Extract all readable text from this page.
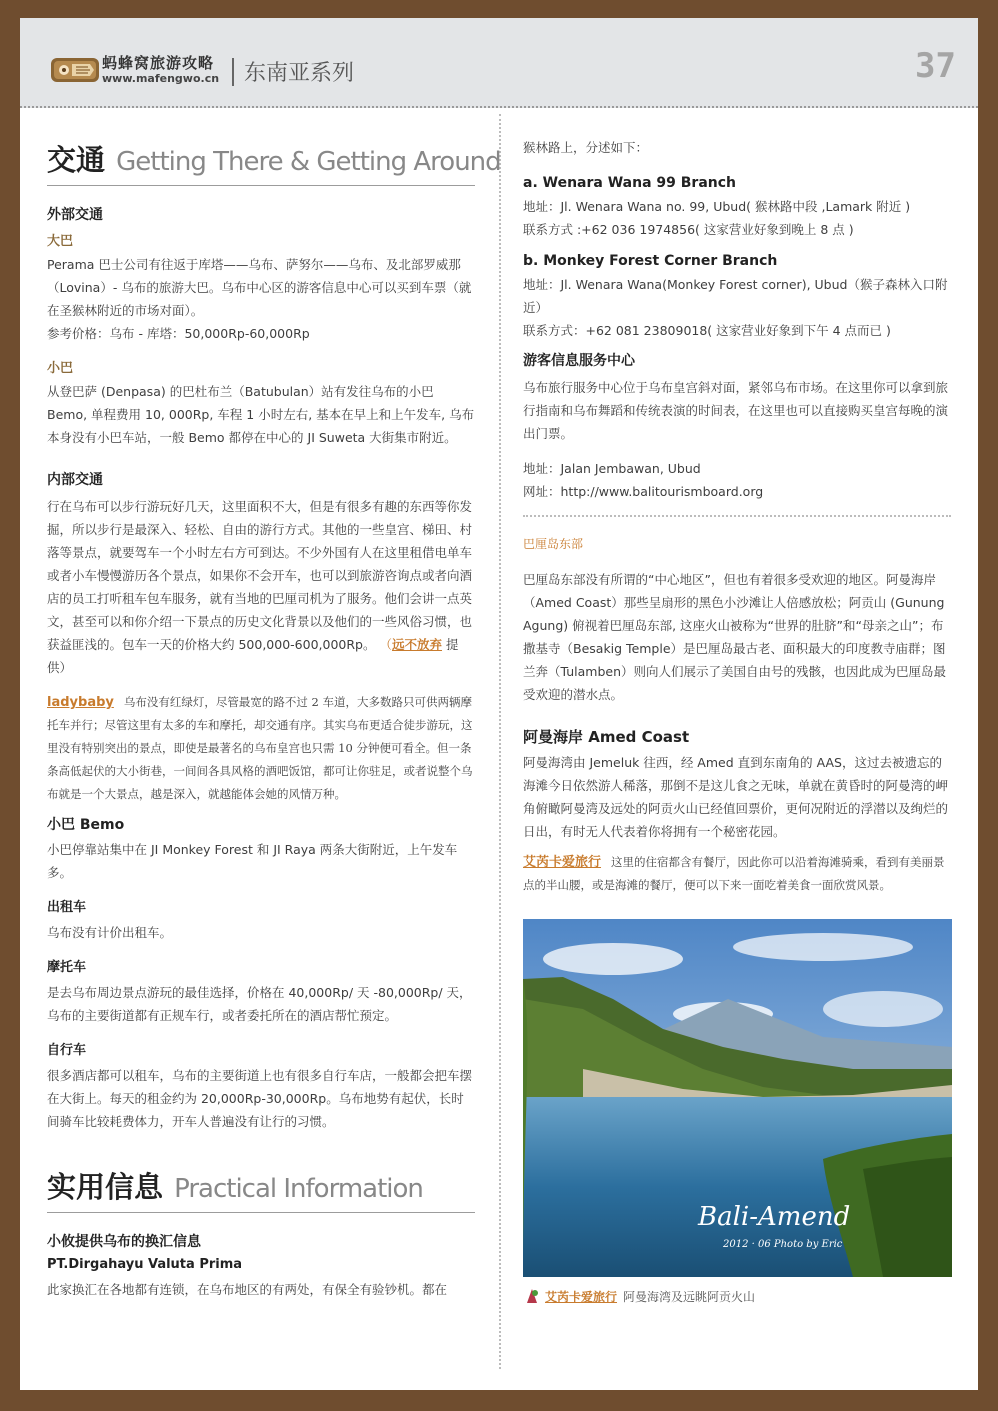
蚂蜂窝旅游攻略
www.mafengwo.cn 东南亚系列	37
交通 Getting There & Getting Around
外部交通
大巴

Perama 巴士公司有往返于库塔——乌布、萨努尔——乌布、及北部罗威那（Lovina）- 乌布的旅游大巴。乌布中心区的游客信息中心可以买到车票（就在圣猴林附近的市场对面）。

参考价格：乌布 - 库塔：50,000Rp-60,000Rp

小巴

从登巴萨 (Denpasa) 的巴杜布兰（Batubulan）站有发往乌布的小巴 Bemo, 单程费用 10, 000Rp, 车程 1 小时左右, 基本在早上和上午发车, 乌布本身没有小巴车站，一般 Bemo 都停在中心的 JI Suweta 大街集市附近。

内部交通

行在乌布可以步行游玩好几天，这里面积不大，但是有很多有趣的东西等你发掘，所以步行是最深入、轻松、自由的游行方式。其他的一些皇宫、梯田、村落等景点，就要驾车一个小时左右方可到达。不少外国有人在这里租借电单车或者小车慢慢游历各个景点，如果你不会开车，也可以到旅游咨询点或者向酒店的员工打听租车包车服务，就有当地的巴厘司机为了服务。他们会讲一点英文，甚至可以和你介绍一下景点的历史文化背景以及他们的一些风俗习惯，也获益匪浅的。包车一天的价格大约 500,000-600,000Rp。 （远不放弃 提供）

ladybaby 乌布没有红绿灯，尽管最宽的路不过 2 车道，大多数路只可供两辆摩托车并行；尽管这里有太多的车和摩托，却交通有序。其实乌布更适合徒步游玩，这里没有特别突出的景点，即使是最著名的乌布皇宫也只需 10 分钟便可看全。但一条条高低起伏的大小街巷，一间间各具风格的酒吧饭馆，都可让你驻足，或者说整个乌布就是一个大景点，越是深入，就越能体会她的风情万种。

小巴 Bemo

小巴停靠站集中在 JI Monkey Forest 和 JI Raya 两条大街附近，上午发车多。

出租车

乌布没有计价出租车。

摩托车

是去乌布周边景点游玩的最佳选择，价格在 40,000Rp/ 天 -80,000Rp/ 天，乌布的主要街道都有正规车行，或者委托所在的酒店帮忙预定。

自行车

很多酒店都可以租车，乌布的主要街道上也有很多自行车店，一般都会把车摆在大街上。每天的租金约为 20,000Rp-30,000Rp。乌布地势有起伏，长时间骑车比较耗费体力，开车人普遍没有让行的习惯。

实用信息 Practical Information
小攸提供乌布的换汇信息
PT.Dirgahayu Valuta Prima

此家换汇在各地都有连锁，在乌布地区的有两处，有保全有验钞机。都在

猴林路上，分述如下：

a. Wenara Wana 99 Branch

地址：Jl. Wenara Wana no. 99, Ubud( 猴林路中段 ,Lamark 附近 )

联系方式 :+62 036 1974856( 这家营业好象到晚上 8 点 )

b. Monkey Forest Corner Branch

地址：Jl. Wenara Wana(Monkey Forest corner), Ubud（猴子森林入口附近）

联系方式：+62 081 23809018( 这家营业好象到下午 4 点而已 )

游客信息服务中心

乌布旅行服务中心位于乌布皇宫斜对面，紧邻乌布市场。在这里你可以拿到旅行指南和乌布舞蹈和传统表演的时间表，在这里也可以直接购买皇宫每晚的演出门票。

地址：Jalan Jembawan, Ubud

网址：http://www.balitourismboard.org

巴厘岛东部

巴厘岛东部没有所谓的“中心地区”，但也有着很多受欢迎的地区。阿曼海岸（Amed Coast）那些呈扇形的黑色小沙滩让人倍感放松；阿贡山 (Gunung Agung) 俯视着巴厘岛东部, 这座火山被称为“世界的肚脐”和“母亲之山”；布撒基寺（Besakig Temple）是巴厘岛最古老、面积最大的印度教寺庙群；图兰奔（Tulamben）则向人们展示了美国自由号的残骸，也因此成为巴厘岛最受欢迎的潜水点。

阿曼海岸 Amed Coast

阿曼海湾由 Jemeluk 往西，经 Amed 直到东南角的 AAS，这过去被遗忘的海滩今日依然游人稀落，那倒不是这儿食之无味，单就在黄昏时的阿曼湾的岬角俯瞰阿曼湾及远处的阿贡火山已经值回票价，更何况附近的浮潜以及绚烂的日出，有时无人代表着你将拥有一个秘密花园。

艾芮卡爱旅行 这里的住宿都含有餐厅，因此你可以沿着海滩骑乘，看到有美丽景点的半山腰，或是海滩的餐厅，便可以下来一面吃着美食一面欣赏风景。

Bali-Amend
2012 · 06 Photo by Eric
艾芮卡爱旅行 阿曼海湾及远眺阿贡火山
